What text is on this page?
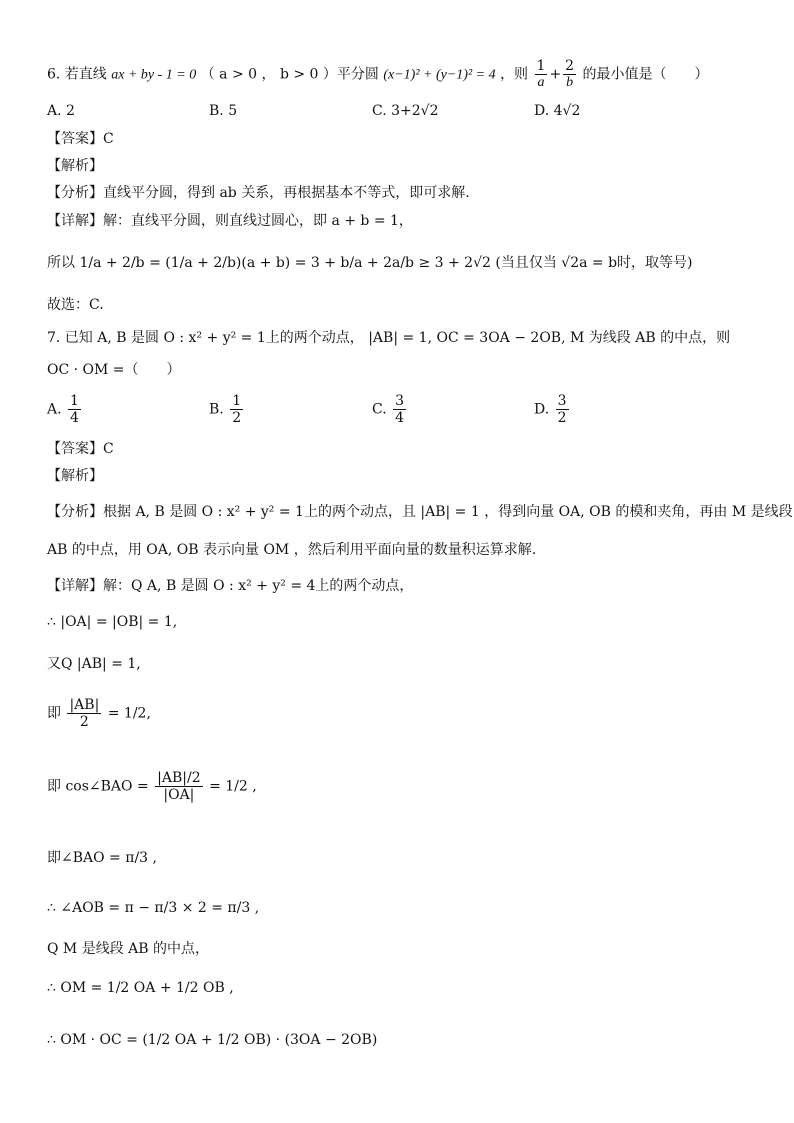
6. 若直线 ax + by - 1 = 0 （ a > 0 ， b > 0 ）平分圆 (x−1)² + (y−1)² = 4 ，则 $\frac{1}{a} + \frac{2}{b}$ 的最小值是（　　）
A. 2	B. 5	C. 3+2√2	D. 4√2
【答案】C
【解析】
【分析】直线平分圆，得到 ab 关系，再根据基本不等式，即可求解.
【详解】解：直线平分圆，则直线过圆心，即 a + b = 1，
所以 1/a + 2/b = (1/a + 2/b)(a + b) = 3 + b/a + 2a/b ≥ 3 + 2√2 (当且仅当 √2a = b时，取等号)
故选：C.
7. 已知 A, B 是圆 O : x² + y² = 1上的两个动点， |AB| = 1, OC = 3OA − 2OB, M 为线段 AB 的中点，则
OC · OM =（　　）
A. $\frac{1}{4}$	B. $\frac{1}{2}$	C. $\frac{3}{4}$	D. $\frac{3}{2}$
【答案】C
【解析】
【分析】根据 A, B 是圆 O : x² + y² = 1上的两个动点，且 |AB| = 1 ，得到向量 OA, OB 的模和夹角，再由 M 是线段
AB 的中点，用 OA, OB 表示向量 OM ，然后利用平面向量的数量积运算求解.
【详解】解：Q A, B 是圆 O : x² + y² = 4上的两个动点，
∴ |OA| = |OB| = 1,
又Q |AB| = 1,
即 $\frac{|AB|}{2} = 1/2$,
即 cos∠BAO = $\frac{|AB|/2}{|OA|} = 1/2$ ,
即∠BAO = π/3 ,
∴ ∠AOB = π − π/3 × 2 = π/3 ,
Q M 是线段 AB 的中点，
∴ OM = 1/2 OA + 1/2 OB ,
∴ OM · OC = (1/2 OA + 1/2 OB) · (3OA − 2OB)
